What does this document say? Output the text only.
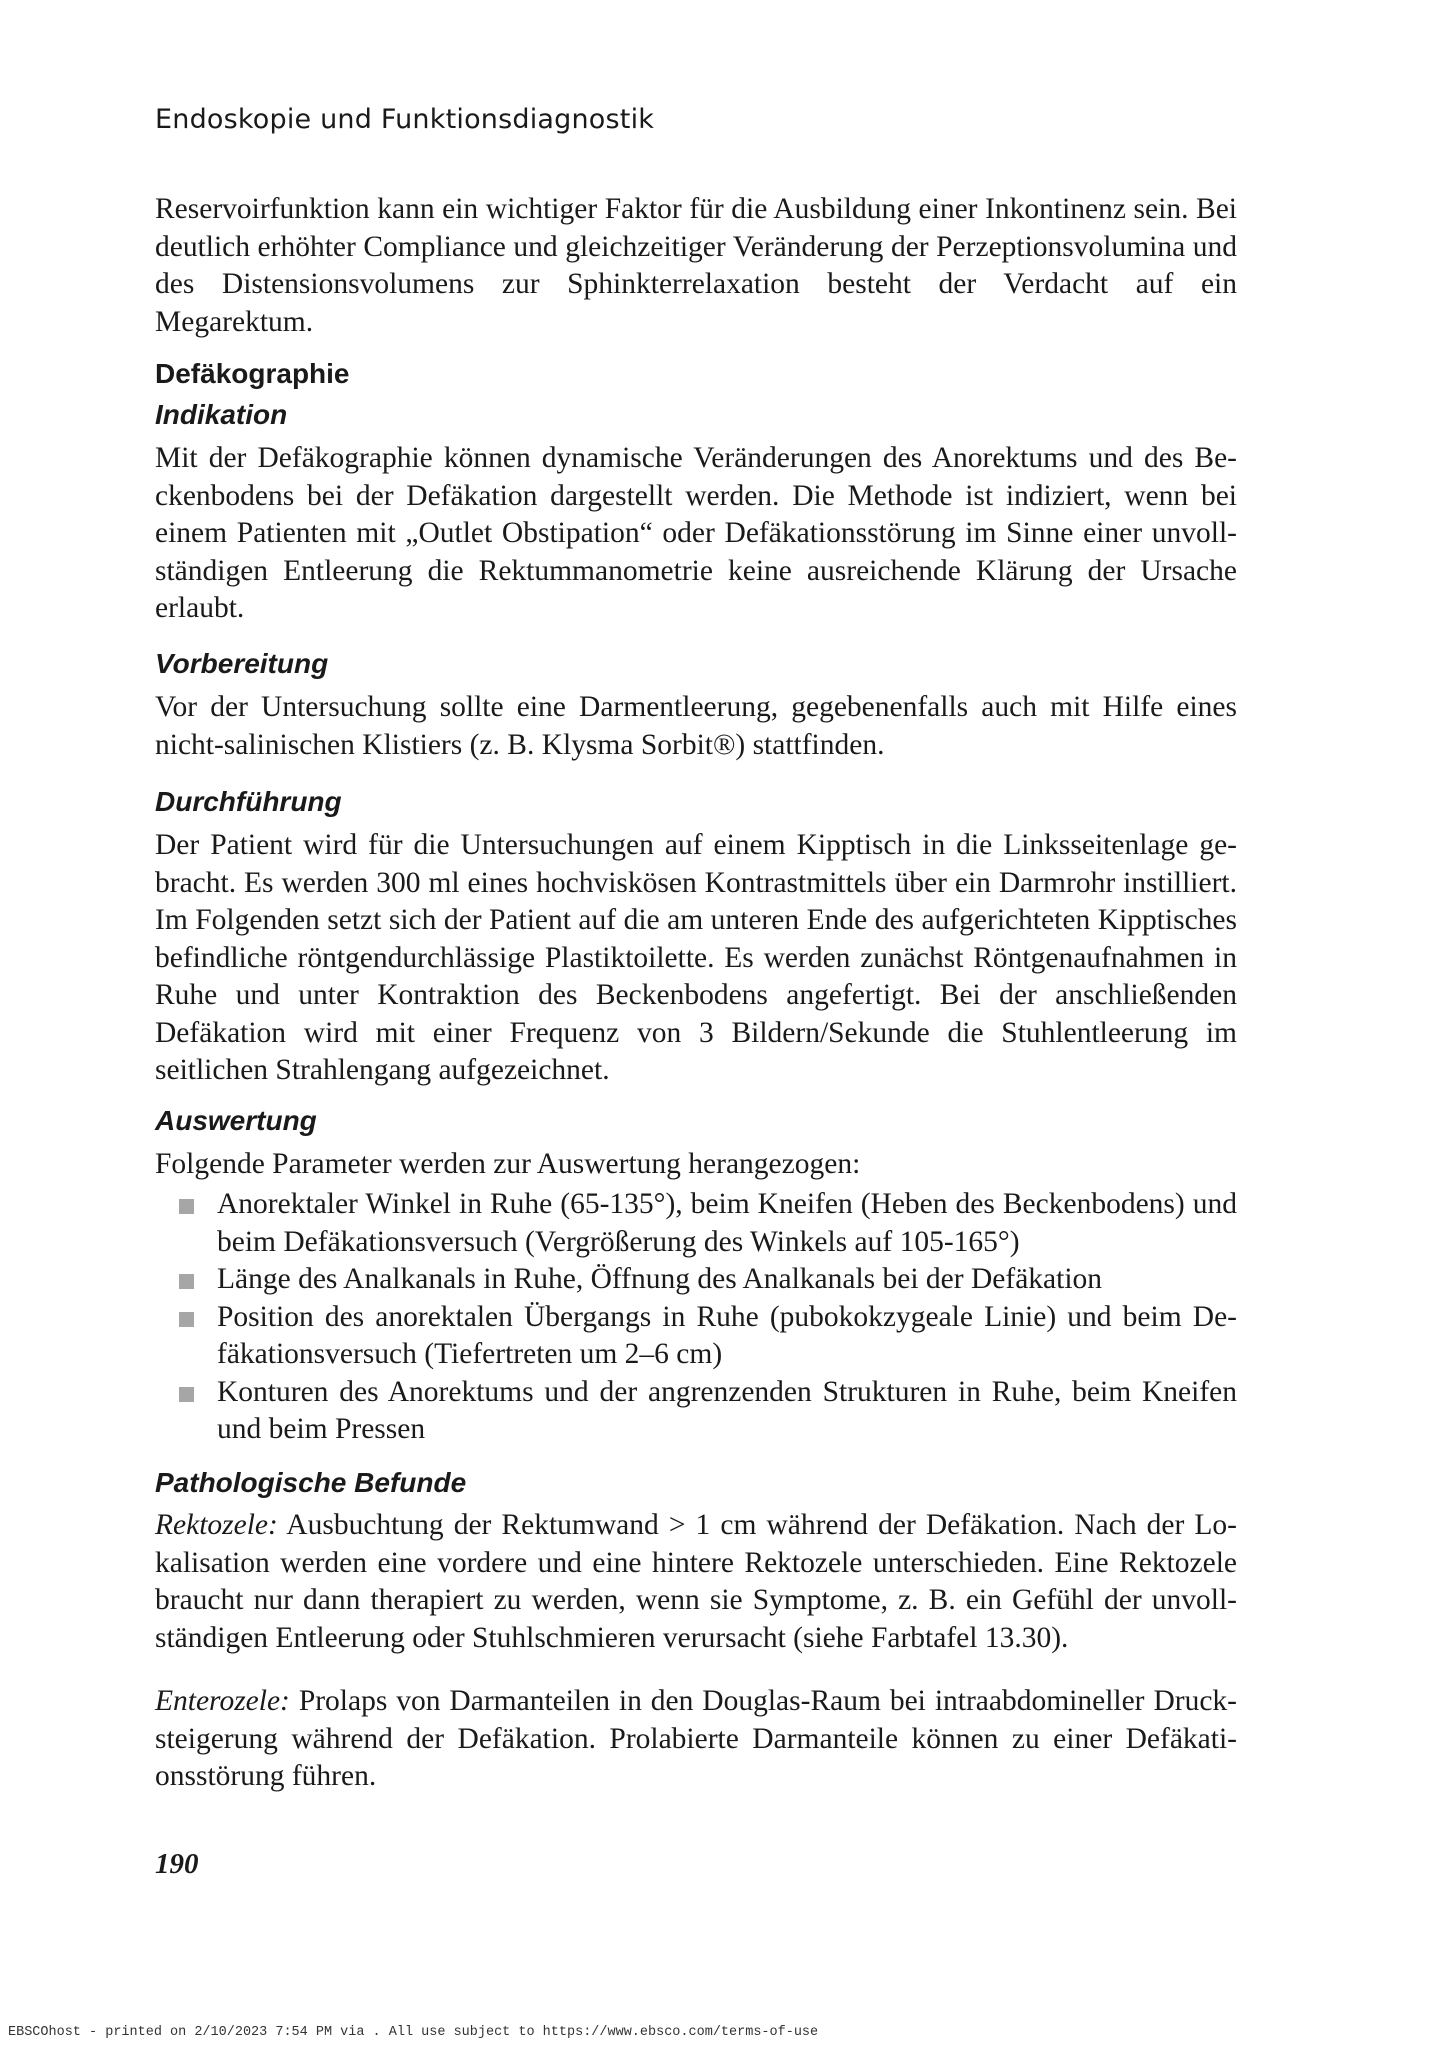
Endoskopie und Funktionsdiagnostik

Reservoirfunktion kann ein wichtiger Faktor für die Ausbildung einer Inkontinenz sein. Bei deutlich erhöhter Compliance und gleichzeitiger Veränderung der Perzeptionsvolumina und des Distensionsvolumens zur Sphinkterrelaxation besteht der Verdacht auf ein Megarektum.

Defäkographie
Indikation

Mit der Defäkographie können dynamische Veränderungen des Anorektums und des Beckenbodens bei der Defäkation dargestellt werden. Die Methode ist indiziert, wenn bei einem Patienten mit „Outlet Obstipation“ oder Defäkationsstörung im Sinne einer unvollständigen Entleerung die Rektummanometrie keine ausreichende Klärung der Ursache erlaubt.

Vorbereitung

Vor der Untersuchung sollte eine Darmentleerung, gegebenenfalls auch mit Hilfe eines nicht-salinischen Klistiers (z. B. Klysma Sorbit®) stattfinden.

Durchführung

Der Patient wird für die Untersuchungen auf einem Kipptisch in die Linksseitenlage gebracht. Es werden 300 ml eines hochviskösen Kontrastmittels über ein Darmrohr instilliert. Im Folgenden setzt sich der Patient auf die am unteren Ende des aufgerichteten Kipptisches befindliche röntgendurchlässige Plastiktoilette. Es werden zunächst Röntgenaufnahmen in Ruhe und unter Kontraktion des Beckenbodens angefertigt. Bei der anschließenden Defäkation wird mit einer Frequenz von 3 Bildern/Sekunde die Stuhlentleerung im seitlichen Strahlengang aufgezeichnet.

Auswertung

Folgende Parameter werden zur Auswertung herangezogen:

Anorektaler Winkel in Ruhe (65-135°), beim Kneifen (Heben des Beckenbodens) und beim Defäkationsversuch (Vergrößerung des Winkels auf 105-165°)
Länge des Analkanals in Ruhe, Öffnung des Analkanals bei der Defäkation
Position des anorektalen Übergangs in Ruhe (pubokokzygeale Linie) und beim Defäkationsversuch (Tiefertreten um 2–6 cm)
Konturen des Anorektums und der angrenzenden Strukturen in Ruhe, beim Kneifen und beim Pressen
Pathologische Befunde

Rektozele: Ausbuchtung der Rektumwand > 1 cm während der Defäkation. Nach der Lokalisation werden eine vordere und eine hintere Rektozele unterschieden. Eine Rektozele braucht nur dann therapiert zu werden, wenn sie Symptome, z. B. ein Gefühl der unvollständigen Entleerung oder Stuhlschmieren verursacht (siehe Farbtafel 13.30).

Enterozele: Prolaps von Darmanteilen in den Douglas-Raum bei intraabdomineller Drucksteigerung während der Defäkation. Prolabierte Darmanteile können zu einer Defäkationsstörung führen.

190
EBSCOhost - printed on 2/10/2023 7:54 PM via . All use subject to https://www.ebsco.com/terms-of-use
